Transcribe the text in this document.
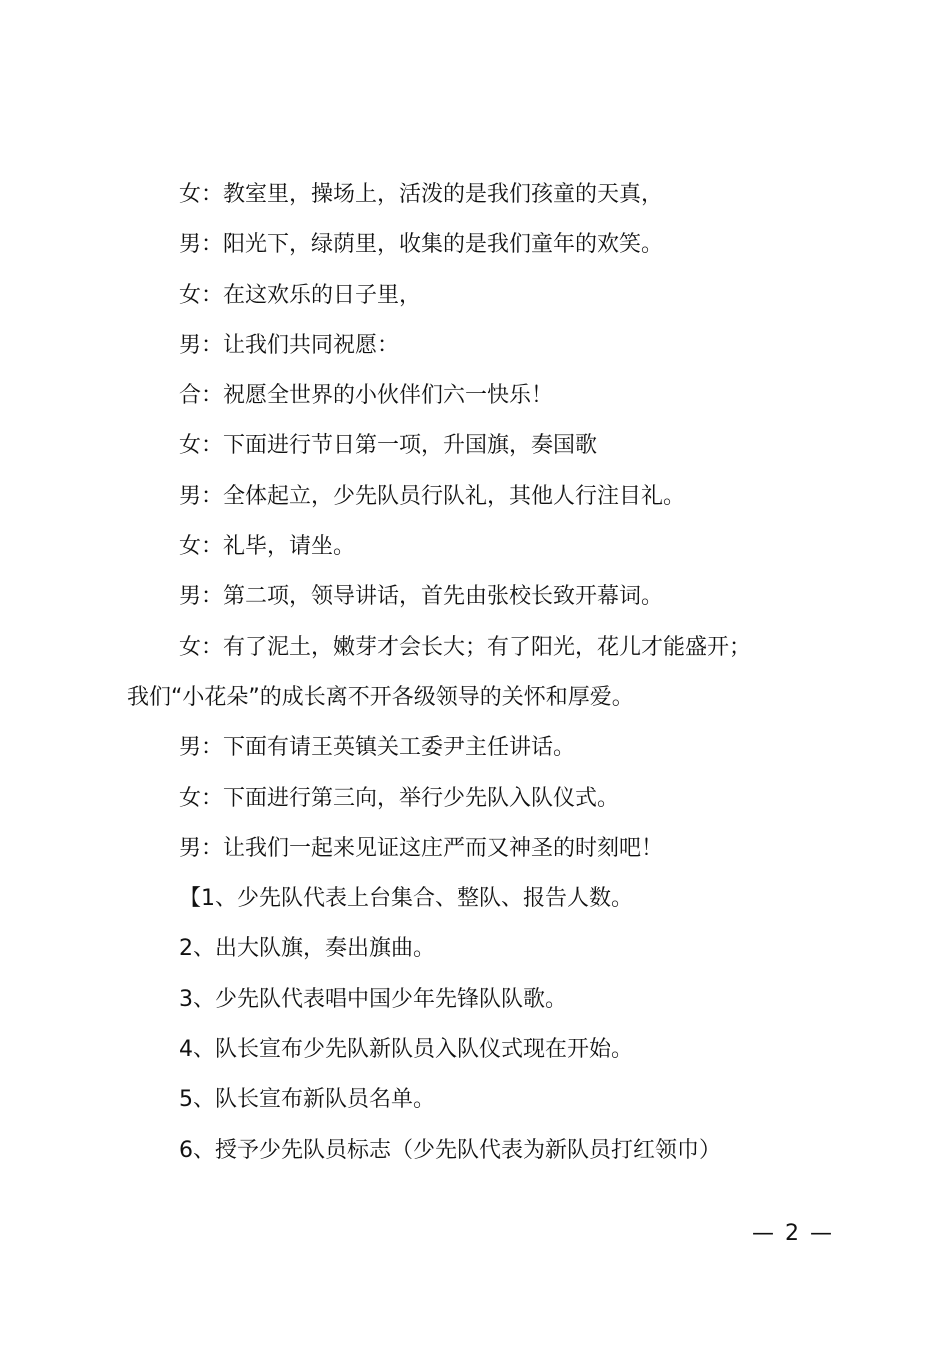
女：教室里，操场上，活泼的是我们孩童的天真，

男：阳光下，绿荫里，收集的是我们童年的欢笑。

女：在这欢乐的日子里，

男：让我们共同祝愿：

合：祝愿全世界的小伙伴们六一快乐！

女：下面进行节日第一项，升国旗，奏国歌

男：全体起立，少先队员行队礼，其他人行注目礼。

女：礼毕，请坐。

男：第二项，领导讲话，首先由张校长致开幕词。

女：有了泥土，嫩芽才会长大；有了阳光，花儿才能盛开；

我们“小花朵”的成长离不开各级领导的关怀和厚爱。

男：下面有请王英镇关工委尹主任讲话。

女：下面进行第三向，举行少先队入队仪式。

男：让我们一起来见证这庄严而又神圣的时刻吧！

【1、少先队代表上台集合、整队、报告人数。

2、出大队旗，奏出旗曲。

3、少先队代表唱中国少年先锋队队歌。

4、队长宣布少先队新队员入队仪式现在开始。

5、队长宣布新队员名单。

6、授予少先队员标志（少先队代表为新队员打红领巾）

— 2 —
